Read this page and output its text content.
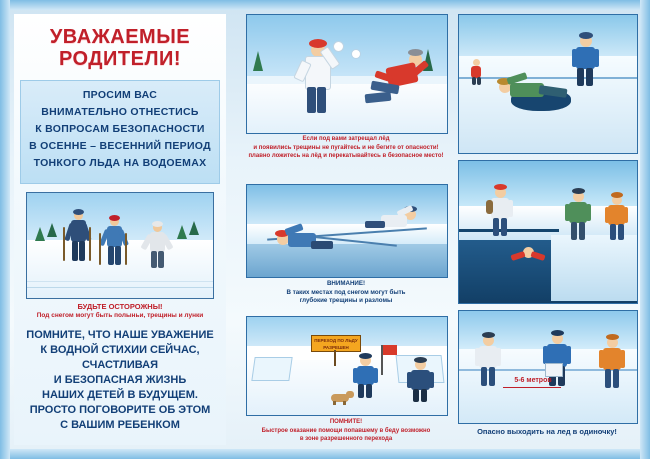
УВАЖАЕМЫЕ
РОДИТЕЛИ!

ПРОСИМ ВАС

ВНИМАТЕЛЬНО ОТНЕСТИСЬ

К ВОПРОСАМ БЕЗОПАСНОСТИ

В ОСЕННЕ – ВЕСЕННИЙ ПЕРИОД

ТОНКОГО ЛЬДА НА ВОДОЕМАХ

БУДЬТЕ ОСТОРОЖНЫ!
Под снегом могут быть полыньи, трещины и лунки
ПОМНИТЕ, ЧТО НАШЕ УВАЖЕНИЕ
К ВОДНОЙ СТИХИИ СЕЙЧАС,
СЧАСТЛИВАЯ
И БЕЗОПАСНАЯ ЖИЗНЬ
НАШИХ ДЕТЕЙ В БУДУЩЕМ.
ПРОСТО ПОГОВОРИТЕ ОБ ЭТОМ
С ВАШИМ РЕБЕНКОМ
Если под вами затрещал лёд
и появились трещины не пугайтесь и не бегите от опасности!
плавно ложитесь на лёд и перекатывайтесь в безопасное место!
ПЕРЕХОД ПО ЛЬДУ РАЗРЕШЕН
ВНИМАНИЕ!
В таких местах под снегом могут быть
глубокие трещины и разломы
ПОМНИТЕ!
Быстрое оказание помощи попавшему в беду возможно
в зоне разрешенного перехода
5-6 метров
Опасно выходить на лед в одиночку!
